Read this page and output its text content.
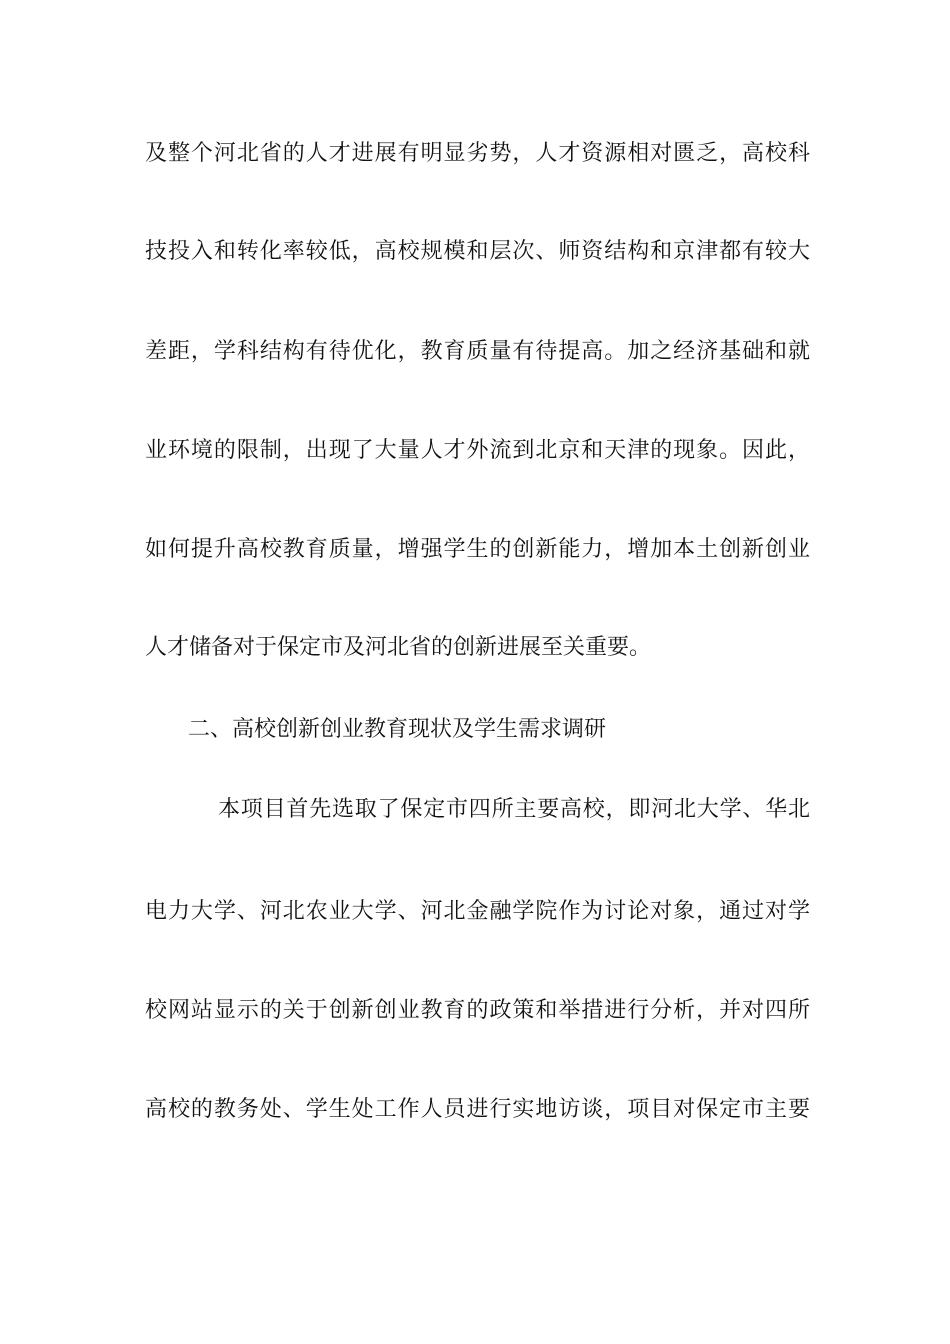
及整个河北省的人才进展有明显劣势，人才资源相对匮乏，高校科
技投入和转化率较低，高校规模和层次、师资结构和京津都有较大
差距，学科结构有待优化，教育质量有待提高。加之经济基础和就
业环境的限制，出现了大量人才外流到北京和天津的现象。因此，
如何提升高校教育质量，增强学生的创新能力，增加本土创新创业
人才储备对于保定市及河北省的创新进展至关重要。
二、高校创新创业教育现状及学生需求调研
本项目首先选取了保定市四所主要高校，即河北大学、华北
电力大学、河北农业大学、河北金融学院作为讨论对象，通过对学
校网站显示的关于创新创业教育的政策和举措进行分析，并对四所
高校的教务处、学生处工作人员进行实地访谈，项目对保定市主要
